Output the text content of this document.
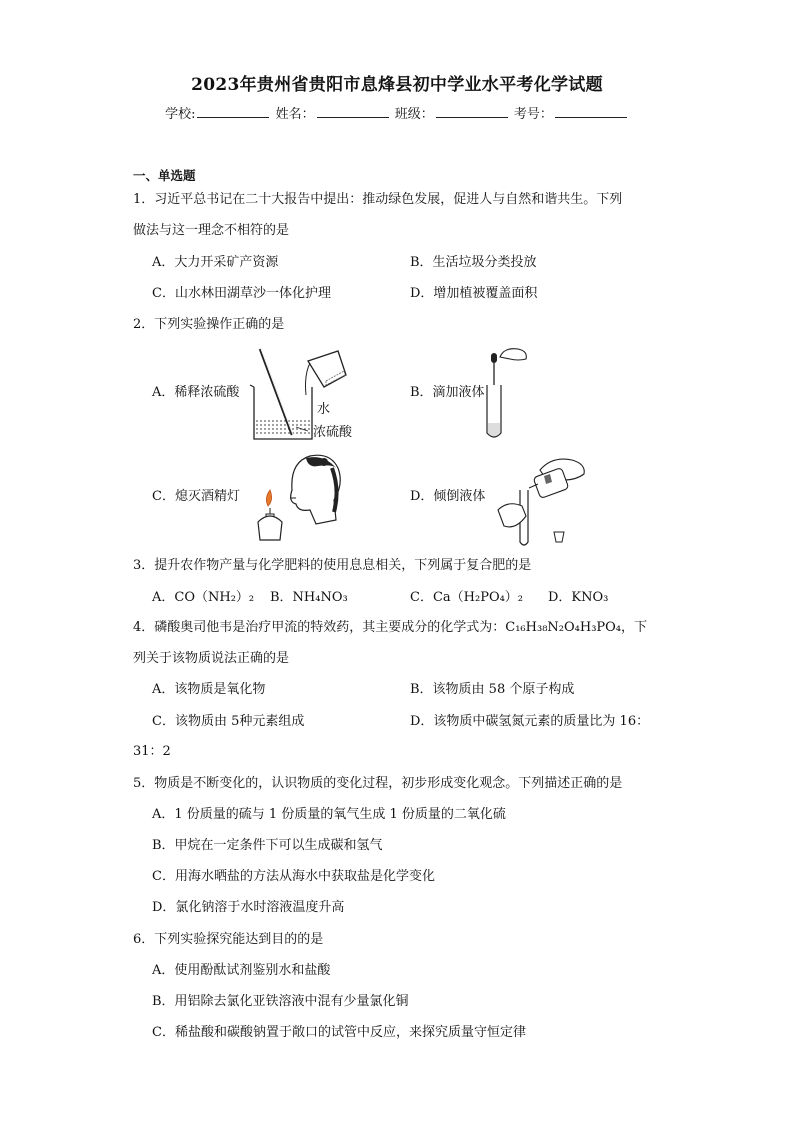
2023年贵州省贵阳市息烽县初中学业水平考化学试题
学校:	姓名：	班级：	考号：
一、单选题
1．习近平总书记在二十大报告中提出：推动绿色发展，促进人与自然和谐共生。下列
做法与这一理念不相符的是
A．大力开采矿产资源	B．生活垃圾分类投放
C．山水林田湖草沙一体化护理	D．增加植被覆盖面积
2．下列实验操作正确的是
A．稀释浓硫酸	B．滴加液体
C．熄灭酒精灯	D．倾倒液体
水
浓硫酸
3．提升农作物产量与化学肥料的使用息息相关，下列属于复合肥的是
A．CO（NH₂）₂ B．NH₄NO₃	C．Ca（H₂PO₄）₂ D．KNO₃
4．磷酸奥司他韦是治疗甲流的特效药，其主要成分的化学式为：C₁₆H₃₈N₂O₄H₃PO₄，下
列关于该物质说法正确的是
A．该物质是氧化物	B．该物质由 58 个原子构成
C．该物质由 5种元素组成	D．该物质中碳氢氮元素的质量比为 16：
31：2
5．物质是不断变化的，认识物质的变化过程，初步形成变化观念。下列描述正确的是
A．1 份质量的硫与 1 份质量的氧气生成 1 份质量的二氧化硫
B．甲烷在一定条件下可以生成碳和氢气
C．用海水晒盐的方法从海水中获取盐是化学变化
D．氯化钠溶于水时溶液温度升高
6．下列实验探究能达到目的的是
A．使用酚酞试剂鉴别水和盐酸
B．用铝除去氯化亚铁溶液中混有少量氯化铜
C．稀盐酸和碳酸钠置于敞口的试管中反应，来探究质量守恒定律
